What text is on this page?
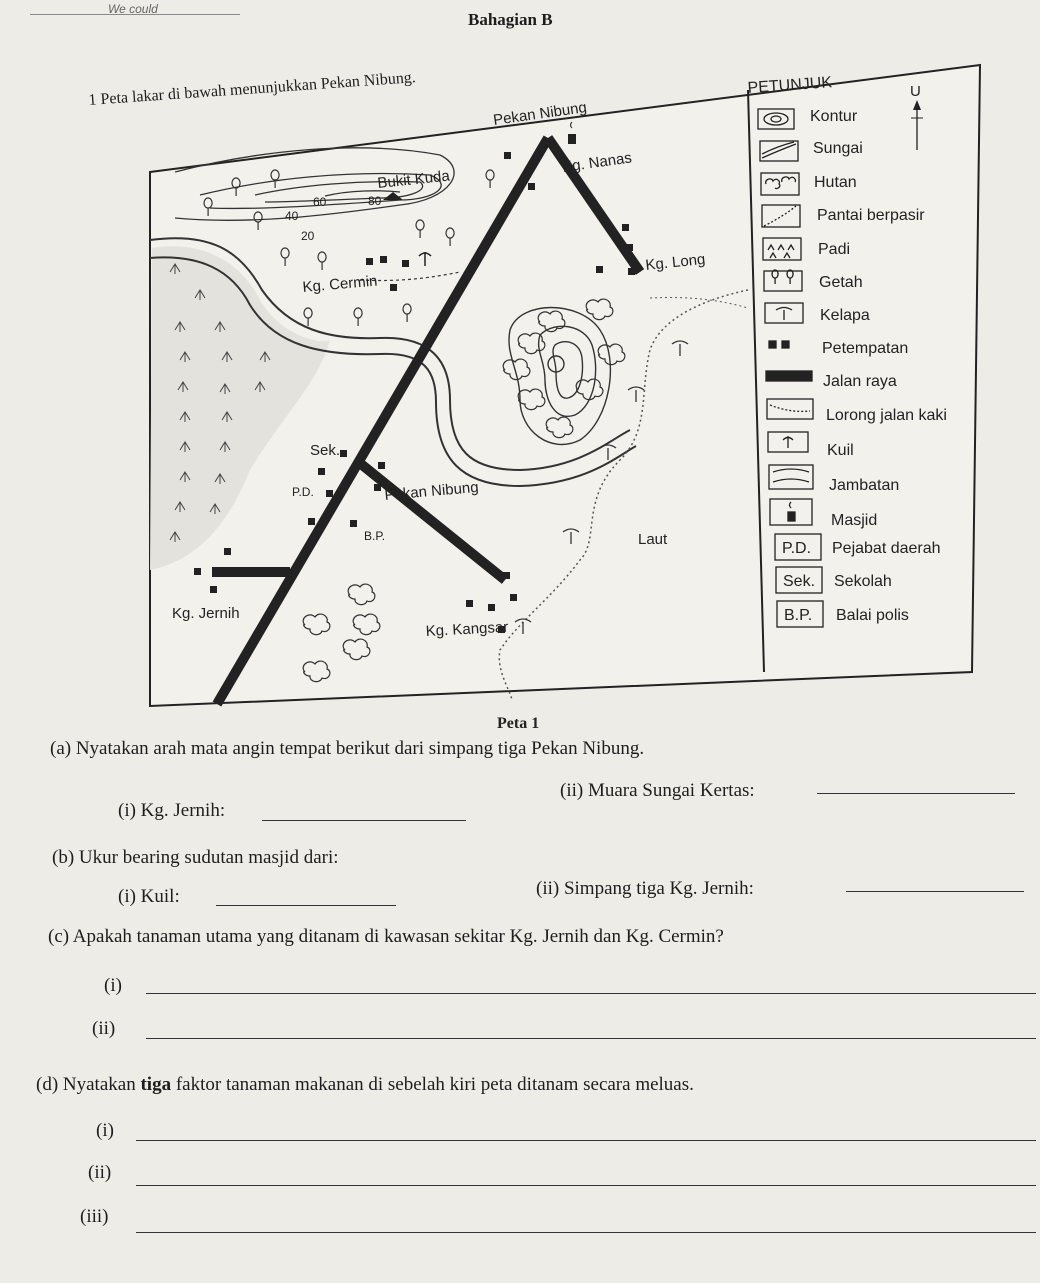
We could
Bahagian B
1 Peta lakar di bawah menunjukkan Pekan Nibung.
Pekan Nibung
Kg. Nanas
Bukit Kuda
Kg. Long
Kg. Cermin
60	80
40
20
Sek.
P.D.	Pekan Nibung
B.P.	Laut
Kg. Jernih
Kg. Kangsar
U
PETUNJUK
P.D.
Sek.
B.P.
Kontur
Sungai
Hutan
Pantai berpasir
Padi
Getah
Kelapa
Petempatan
Jalan raya
Lorong jalan kaki
Kuil
Jambatan
Masjid
Pejabat daerah
Sekolah
Balai polis
Peta 1
(a) Nyatakan arah mata angin tempat berikut dari simpang tiga Pekan Nibung.
(i) Kg. Jernih:
(ii) Muara Sungai Kertas:
(b) Ukur bearing sudutan masjid dari:
(i) Kuil:	(ii) Simpang tiga Kg. Jernih:
(c) Apakah tanaman utama yang ditanam di kawasan sekitar Kg. Jernih dan Kg. Cermin?
(i)
(ii)
(d) Nyatakan tiga faktor tanaman makanan di sebelah kiri peta ditanam secara meluas.
(i)
(ii)
(iii)
